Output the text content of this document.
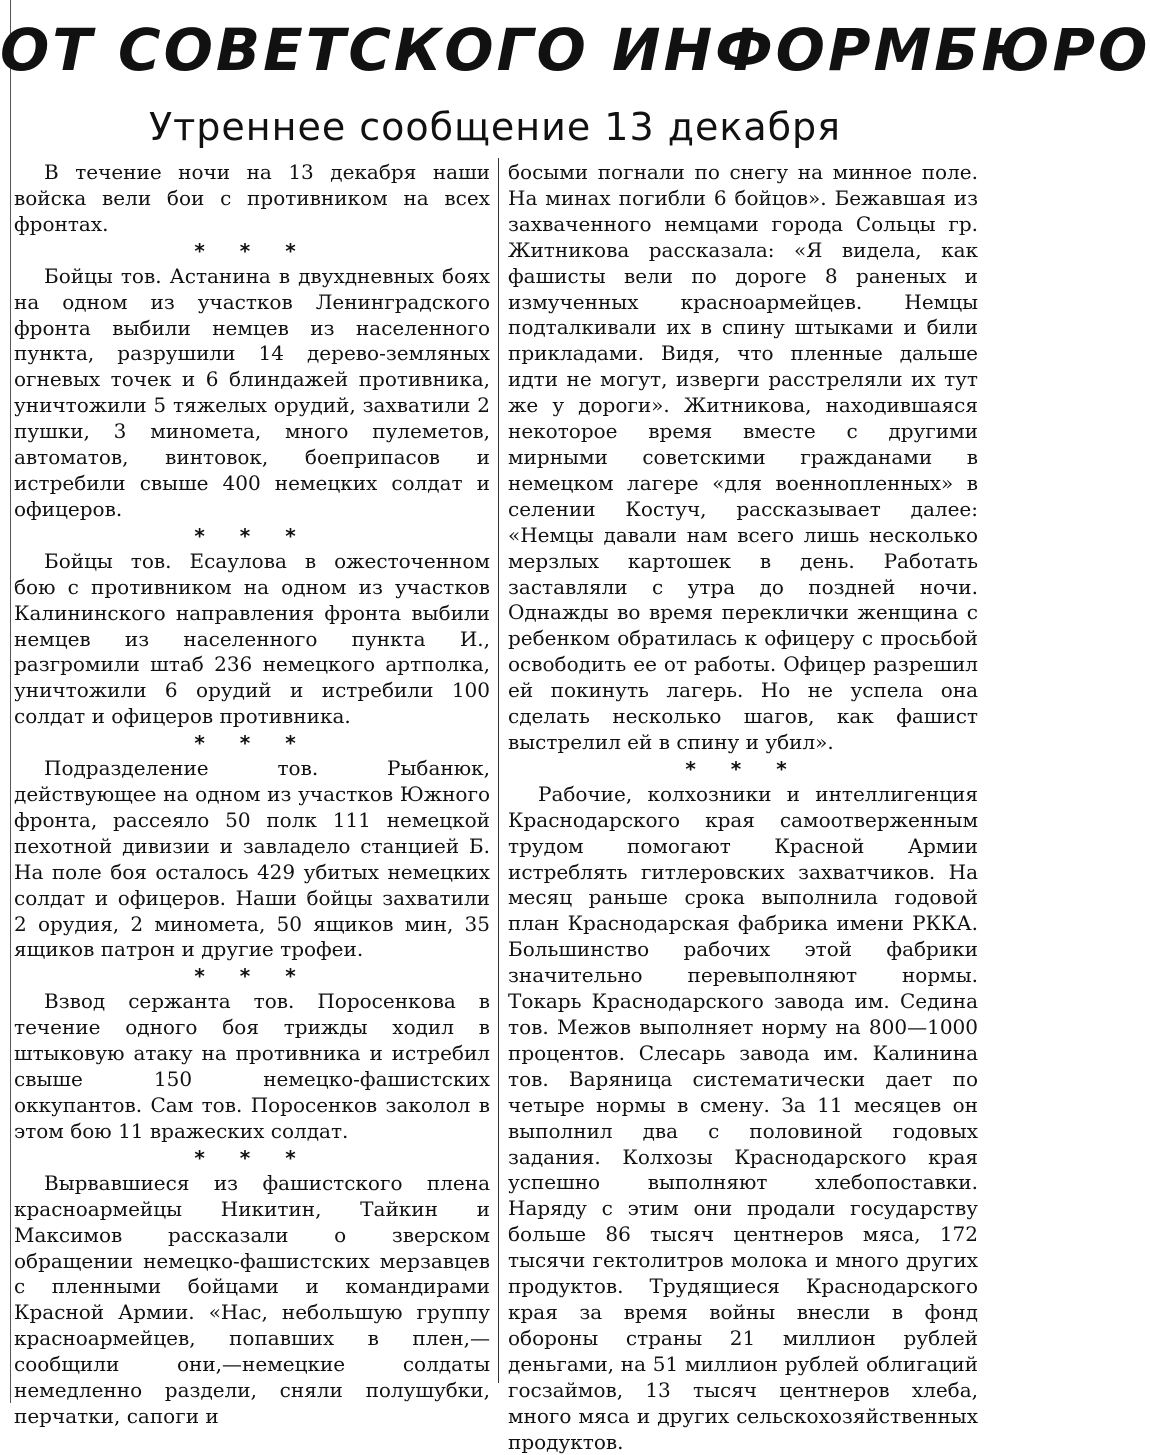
ОТ СОВЕТСКОГО ИНФОРМБЮРО
Утреннее сообщение 13 декабря

В течение ночи на 13 декабря наши войска вели бои с противником на всех фронтах.

* * *

Бойцы тов. Астанина в двухдневных боях на одном из участков Ленинградского фронта выбили немцев из населенного пункта, разрушили 14 дерево-земляных огневых точек и 6 блиндажей противника, уничтожили 5 тяжелых орудий, захватили 2 пушки, 3 миномета, много пулеметов, автоматов, винтовок, боеприпасов и истребили свыше 400 немецких солдат и офицеров.

* * *

Бойцы тов. Есаулова в ожесточенном бою с противником на одном из участков Калининского направления фронта выбили немцев из населенного пункта И., разгромили штаб 236 немецкого артполка, уничтожили 6 орудий и истребили 100 солдат и офицеров противника.

* * *

Подразделение тов. Рыбанюк, действующее на одном из участков Южного фронта, рассеяло 50 полк 111 немецкой пехотной дивизии и завладело станцией Б. На поле боя осталось 429 убитых немецких солдат и офицеров. Наши бойцы захватили 2 орудия, 2 миномета, 50 ящиков мин, 35 ящиков патрон и другие трофеи.

* * *

Взвод сержанта тов. Поросенкова в течение одного боя трижды ходил в штыковую атаку на противника и истребил свыше 150 немецко-фашистских оккупантов. Сам тов. Поросенков заколол в этом бою 11 вражеских солдат.

* * *

Вырвавшиеся из фашистского плена красноармейцы Никитин, Тайкин и Максимов рассказали о зверском обращении немецко-фашистских мерзавцев с пленными бойцами и командирами Красной Армии. «Нас, небольшую группу красноармейцев, попавших в плен,— сообщили они,—немецкие солдаты немедленно раздели, сняли полушубки, перчатки, сапоги и

босыми погнали по снегу на минное поле. На минах погибли 6 бойцов». Бежавшая из захваченного немцами города Сольцы гр. Житникова рассказала: «Я видела, как фашисты вели по дороге 8 раненых и измученных красноармейцев. Немцы подталкивали их в спину штыками и били прикладами. Видя, что пленные дальше идти не могут, изверги расстреляли их тут же у дороги». Житникова, находившаяся некоторое время вместе с другими мирными советскими гражданами в немецком лагере «для военнопленных» в селении Костуч, рассказывает далее: «Немцы давали нам всего лишь несколько мерзлых картошек в день. Работать заставляли с утра до поздней ночи. Однажды во время переклички женщина с ребенком обратилась к офицеру с просьбой освободить ее от работы. Офицер разрешил ей покинуть лагерь. Но не успела она сделать несколько шагов, как фашист выстрелил ей в спину и убил».

* * *

Рабочие, колхозники и интеллигенция Краснодарского края самоотверженным трудом помогают Красной Армии истреблять гитлеровских захватчиков. На месяц раньше срока выполнила годовой план Краснодарская фабрика имени РККА. Большинство рабочих этой фабрики значительно перевыполняют нормы. Токарь Краснодарского завода им. Седина тов. Межов выполняет норму на 800—1000 процентов. Слесарь завода им. Калинина тов. Варяница систематически дает по четыре нормы в смену. За 11 месяцев он выполнил два с половиной годовых задания. Колхозы Краснодарского края успешно выполняют хлебопоставки. Наряду с этим они продали государству больше 86 тысяч центнеров мяса, 172 тысячи гектолитров молока и много других продуктов. Трудящиеся Краснодарского края за время войны внесли в фонд обороны страны 21 миллион рублей деньгами, на 51 миллион рублей облигаций госзаймов, 13 тысяч центнеров хлеба, много мяса и других сельскохозяйственных продуктов.
